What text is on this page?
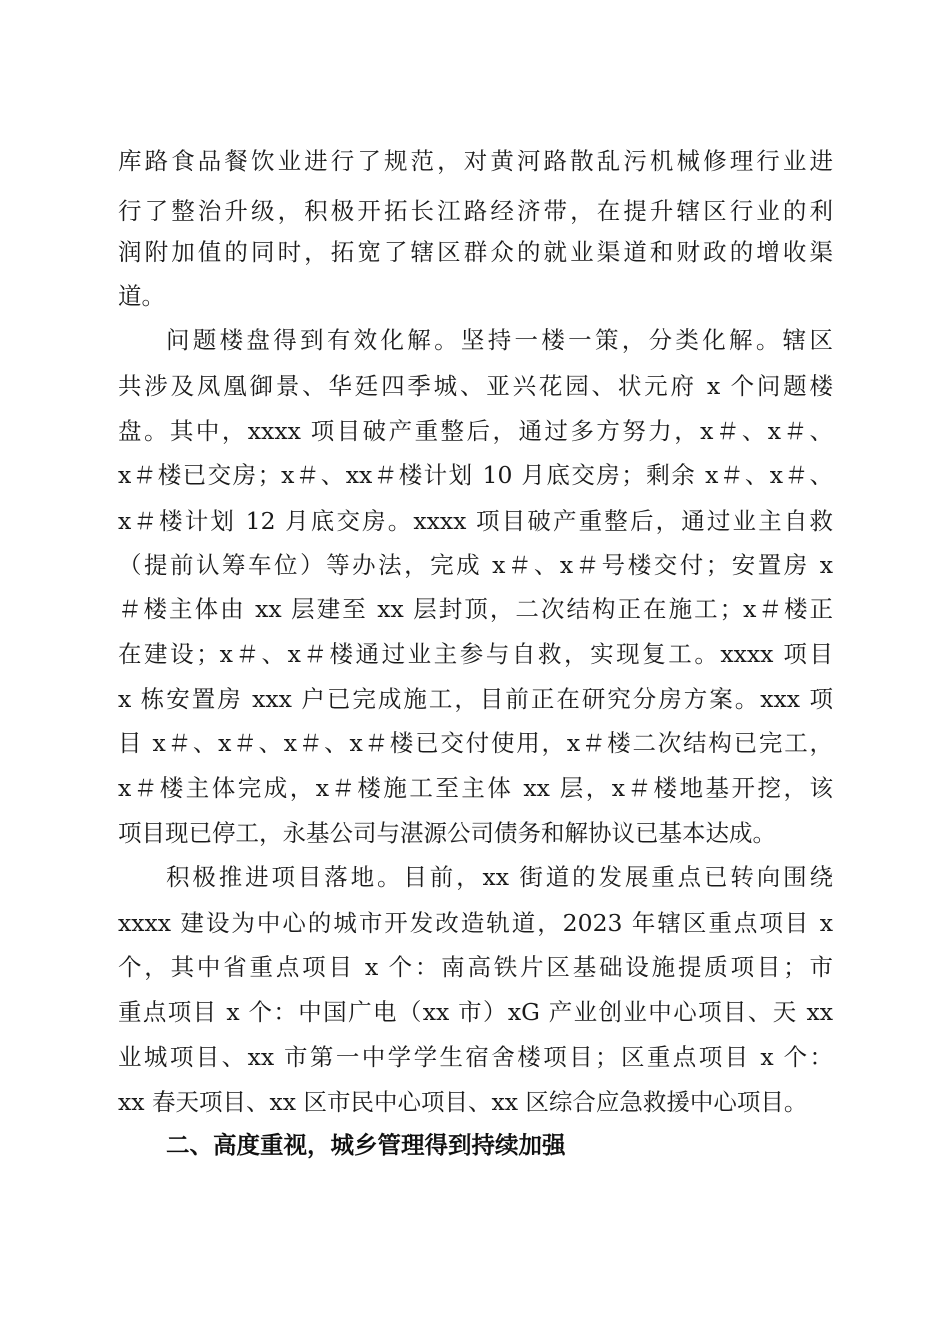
库路食品餐饮业进行了规范，对黄河路散乱污机械修理行业进

行了整治升级，积极开拓长江路经济带，在提升辖区行业的利

润附加值的同时，拓宽了辖区群众的就业渠道和财政的增收渠

道。

问题楼盘得到有效化解。坚持一楼一策，分类化解。辖区

共涉及凤凰御景、华廷四季城、亚兴花园、状元府 x 个问题楼

盘。其中，xxxx 项目破产重整后，通过多方努力，x＃、x＃、

x＃楼已交房；x＃、xx＃楼计划 10 月底交房；剩余 x＃、x＃、

x＃楼计划 12 月底交房。xxxx 项目破产重整后，通过业主自救

（提前认筹车位）等办法，完成 x＃、x＃号楼交付；安置房 x

＃楼主体由 xx 层建至 xx 层封顶，二次结构正在施工；x＃楼正

在建设；x＃、x＃楼通过业主参与自救，实现复工。xxxx 项目

x 栋安置房 xxx 户已完成施工，目前正在研究分房方案。xxx 项

目 x＃、x＃、x＃、x＃楼已交付使用，x＃楼二次结构已完工，

x＃楼主体完成，x＃楼施工至主体 xx 层，x＃楼地基开挖，该

项目现已停工，永基公司与湛源公司债务和解协议已基本达成。

积极推进项目落地。目前，xx 街道的发展重点已转向围绕

xxxx 建设为中心的城市开发改造轨道，2023 年辖区重点项目 x

个，其中省重点项目 x 个：南高铁片区基础设施提质项目；市

重点项目 x 个：中国广电（xx 市）xG 产业创业中心项目、天 xx

业城项目、xx 市第一中学学生宿舍楼项目；区重点项目 x 个：

xx 春天项目、xx 区市民中心项目、xx 区综合应急救援中心项目。

二、高度重视，城乡管理得到持续加强
